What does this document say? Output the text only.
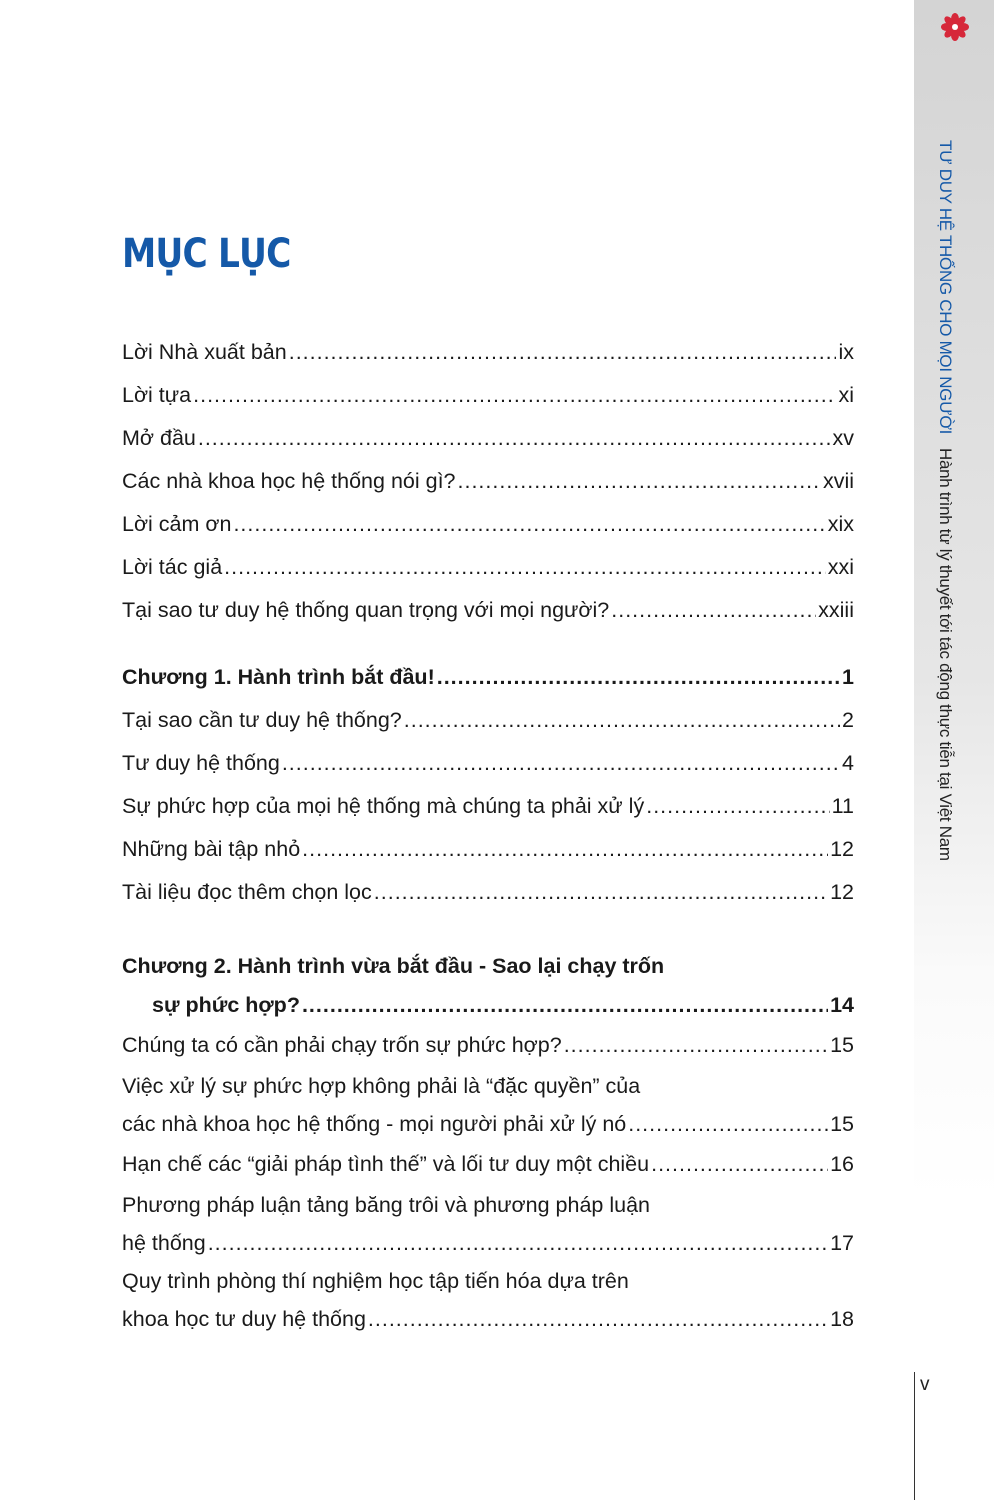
MỤC LỤC
Lời Nhà xuất bản .....	ix
Lời tựa .....	xi
Mở đầu .....	xv
Các nhà khoa học hệ thống nói gì? .....	xvii
Lời cảm ơn .....	xix
Lời tác giả .....	xxi
Tại sao tư duy hệ thống quan trọng với mọi người? .....	xxiii
Chương 1. Hành trình bắt đầu! .....	1
Tại sao cần tư duy hệ thống? .....	2
Tư duy hệ thống .....	4
Sự phức hợp của mọi hệ thống mà chúng ta phải xử lý .....	11
Những bài tập nhỏ .....	12
Tài liệu đọc thêm chọn lọc .....	12
Chương 2. Hành trình vừa bắt đầu - Sao lại chạy trốn
sự phức hợp? .....	14
Chúng ta có cần phải chạy trốn sự phức hợp? .....	15
Việc xử lý sự phức hợp không phải là “đặc quyền” của
các nhà khoa học hệ thống - mọi người phải xử lý nó .....	15
Hạn chế các “giải pháp tình thế” và lối tư duy một chiều .....	16
Phương pháp luận tảng băng trôi và phương pháp luận
hệ thống .....	17
Quy trình phòng thí nghiệm học tập tiến hóa dựa trên
khoa học tư duy hệ thống .....	18
TƯ DUY HỆ THỐNG CHO MỌI NGƯỜI Hành trình từ lý thuyết tới tác động thực tiễn tại Việt Nam
v
